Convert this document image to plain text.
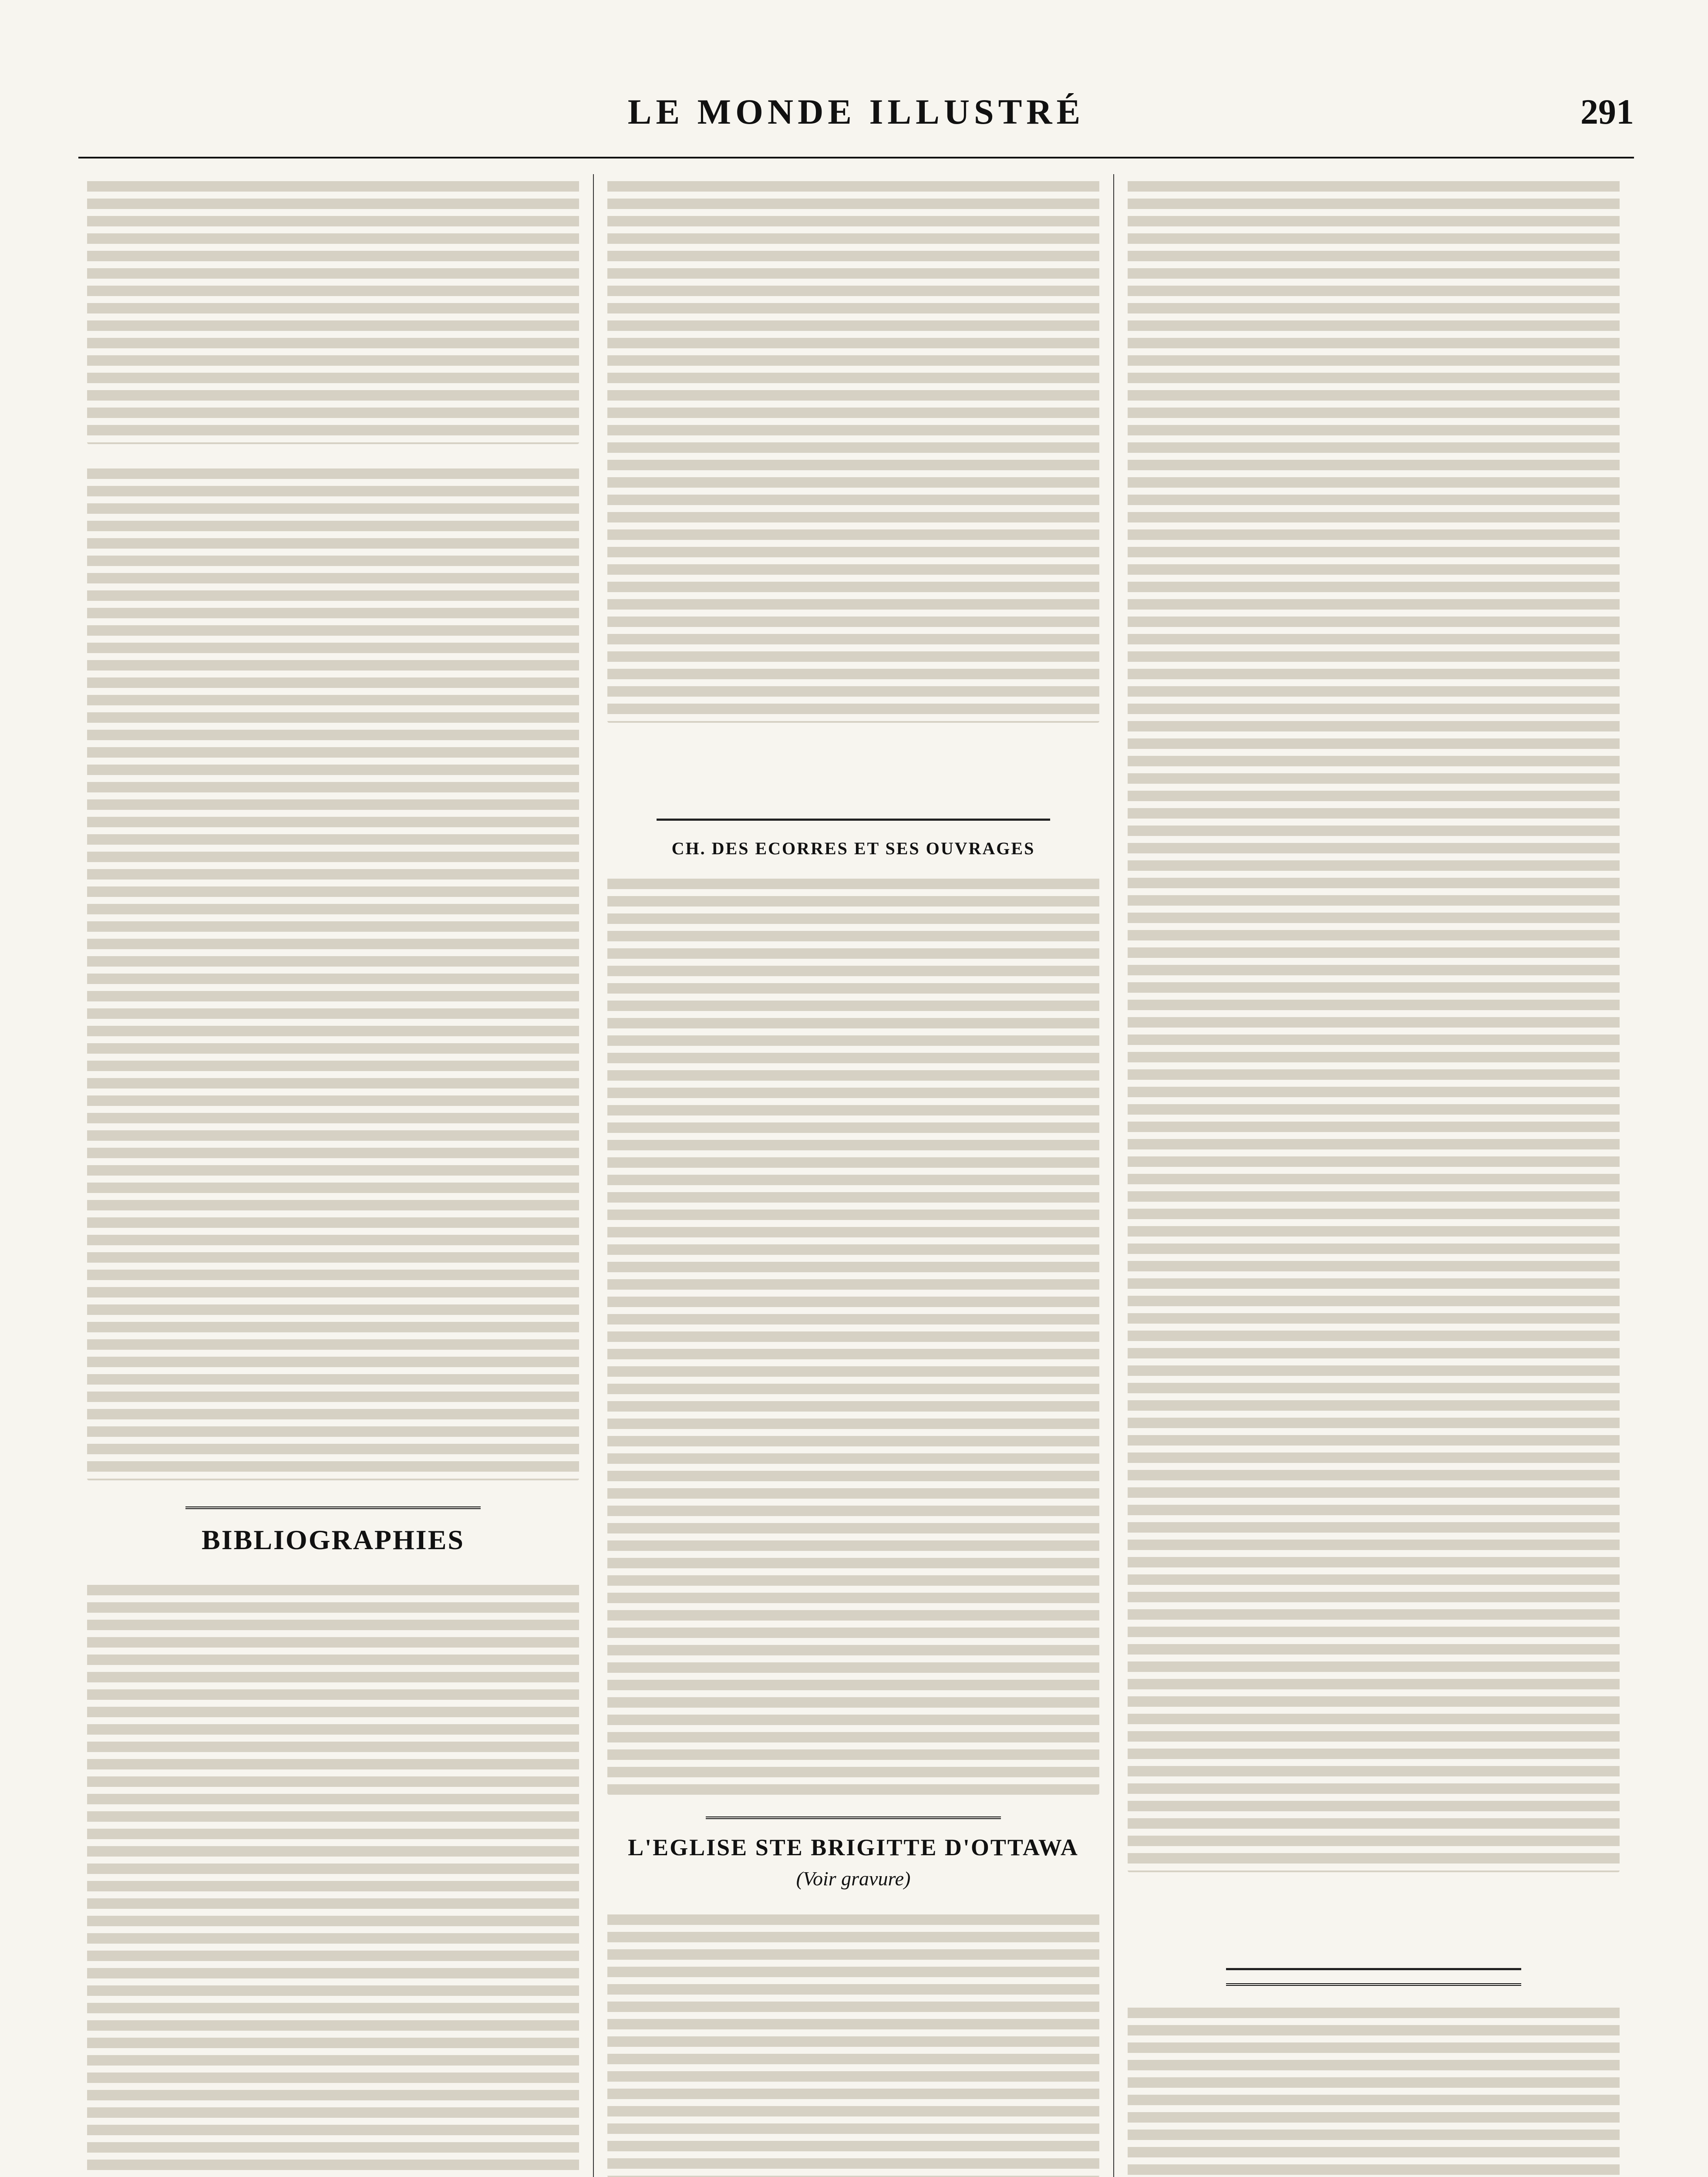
LE MONDE ILLUSTRÉ	291
BIBLIOGRAPHIES
CH. DES ECORRES ET SES OUVRAGES
L'EGLISE STE BRIGITTE D'OTTAWA

(Voir gravure)
